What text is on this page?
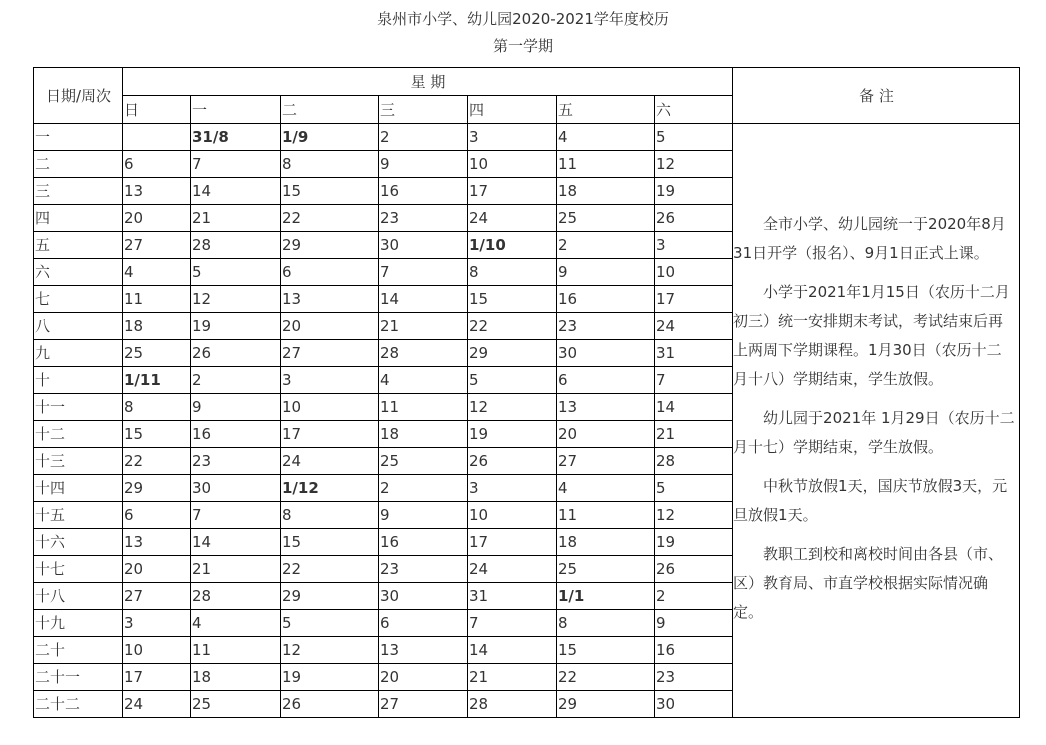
泉州市小学、幼儿园2020-2021学年度校历
第一学期
日期/周次	星 期							备 注
	日	一	二	三	四	五	六	
一		31/8	1/9	2	3	4	5	全市小学、幼儿园统一于2020年8月31日开学（报名）、9月1日正式上课。

小学于2021年1月15日（农历十二月初三）统一安排期末考试，考试结束后再上两周下学期课程。1月30日（农历十二月十八）学期结束，学生放假。

幼儿园于2021年 1月29日（农历十二月十七）学期结束，学生放假。

中秋节放假1天，国庆节放假3天，元旦放假1天。

教职工到校和离校时间由各县（市、区）教育局、市直学校根据实际情况确定。

二	6	7	8	9	10	11	12	
三	13	14	15	16	17	18	19	
四	20	21	22	23	24	25	26	
五	27	28	29	30	1/10	2	3	
六	4	5	6	7	8	9	10	
七	11	12	13	14	15	16	17	
八	18	19	20	21	22	23	24	
九	25	26	27	28	29	30	31	
十	1/11	2	3	4	5	6	7	
十一	8	9	10	11	12	13	14	
十二	15	16	17	18	19	20	21	
十三	22	23	24	25	26	27	28	
十四	29	30	1/12	2	3	4	5	
十五	6	7	8	9	10	11	12	
十六	13	14	15	16	17	18	19	
十七	20	21	22	23	24	25	26	
十八	27	28	29	30	31	1/1	2	
十九	3	4	5	6	7	8	9	
二十	10	11	12	13	14	15	16	
二十一	17	18	19	20	21	22	23	
二十二	24	25	26	27	28	29	30	
